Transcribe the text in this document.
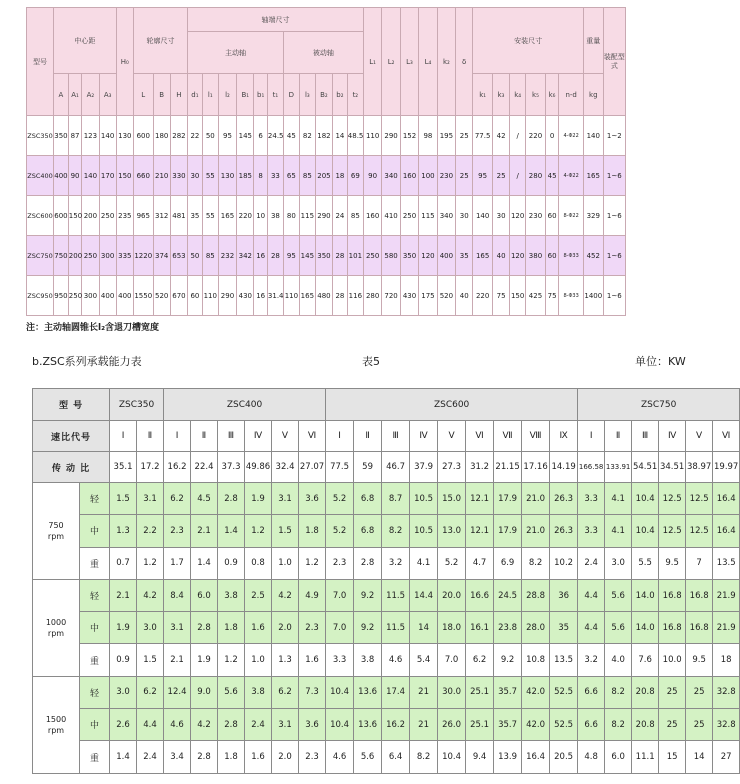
型号	中心距				H₀	轮廓尺寸			轴端尺寸											L₁	L₂	L₃	L₄	k₂	δ	安装尺寸						重量	装配型式
									主动轴						被动轴																		
	A	A₁	A₂	A₃		L	B	H	d₁	l₁	l₂	B₁	b₁	t₁	D	l₃	B₂	b₂	t₂							k₁	k₃	k₄	k₅	k₆	n-d	kg	
ZSC350	350	87	123	140	130	600	180	282	22	50	95	145	6	24.5	45	82	182	14	48.5	110	290	152	98	195	25	77.5	42	/	220	0	4-Φ22	140	1~2
ZSC400	400	90	140	170	150	660	210	330	30	55	130	185	8	33	65	85	205	18	69	90	340	160	100	230	25	95	25	/	280	45	4-Φ22	165	1~6
ZSC600	600	150	200	250	235	965	312	481	35	55	165	220	10	38	80	115	290	24	85	160	410	250	115	340	30	140	30	120	230	60	8-Φ22	329	1~6
ZSC750	750	200	250	300	335	1220	374	653	50	85	232	342	16	28	95	145	350	28	101	250	580	350	120	400	35	165	40	120	380	60	8-Φ33	452	1~6
ZSC950	950	250	300	400	400	1550	520	670	60	110	290	430	16	31.4	110	165	480	28	116	280	720	430	175	520	40	220	75	150	425	75	8-Φ33	1400	1~6
注：主动轴圆锥长l₂含退刀槽宽度
b.ZSC系列承载能力表	表5	单位：KW
型 号		ZSC350		ZSC400						ZSC600									ZSC750					
速比代号		Ⅰ	Ⅱ	Ⅰ	Ⅱ	Ⅲ	Ⅳ	Ⅴ	Ⅵ	Ⅰ	Ⅱ	Ⅲ	Ⅳ	Ⅴ	Ⅵ	Ⅶ	Ⅷ	Ⅸ	Ⅰ	Ⅱ	Ⅲ	Ⅳ	Ⅴ	Ⅵ
传 动 比		35.1	17.2	16.2	22.4	37.3	49.86	32.4	27.07	77.5	59	46.7	37.9	27.3	31.2	21.15	17.16	14.19	166.58	133.91	54.51	34.51	38.97	19.97

750
rpm	轻	1.5	3.1	6.2	4.5	2.8	1.9	3.1	3.6	5.2	6.8	8.7	10.5	15.0	12.1	17.9	21.0	26.3	3.3	4.1	10.4	12.5	12.5	16.4
	中	1.3	2.2	2.3	2.1	1.4	1.2	1.5	1.8	5.2	6.8	8.2	10.5	13.0	12.1	17.9	21.0	26.3	3.3	4.1	10.4	12.5	12.5	16.4
	重	0.7	1.2	1.7	1.4	0.9	0.8	1.0	1.2	2.3	2.8	3.2	4.1	5.2	4.7	6.9	8.2	10.2	2.4	3.0	5.5	9.5	7	13.5

1000
rpm	轻	2.1	4.2	8.4	6.0	3.8	2.5	4.2	4.9	7.0	9.2	11.5	14.4	20.0	16.6	24.5	28.8	36	4.4	5.6	14.0	16.8	16.8	21.9
	中	1.9	3.0	3.1	2.8	1.8	1.6	2.0	2.3	7.0	9.2	11.5	14	18.0	16.1	23.8	28.0	35	4.4	5.6	14.0	16.8	16.8	21.9
	重	0.9	1.5	2.1	1.9	1.2	1.0	1.3	1.6	3.3	3.8	4.6	5.4	7.0	6.2	9.2	10.8	13.5	3.2	4.0	7.6	10.0	9.5	18

1500
rpm	轻	3.0	6.2	12.4	9.0	5.6	3.8	6.2	7.3	10.4	13.6	17.4	21	30.0	25.1	35.7	42.0	52.5	6.6	8.2	20.8	25	25	32.8
	中	2.6	4.4	4.6	4.2	2.8	2.4	3.1	3.6	10.4	13.6	16.2	21	26.0	25.1	35.7	42.0	52.5	6.6	8.2	20.8	25	25	32.8
	重	1.4	2.4	3.4	2.8	1.8	1.6	2.0	2.3	4.6	5.6	6.4	8.2	10.4	9.4	13.9	16.4	20.5	4.8	6.0	11.1	15	14	27
